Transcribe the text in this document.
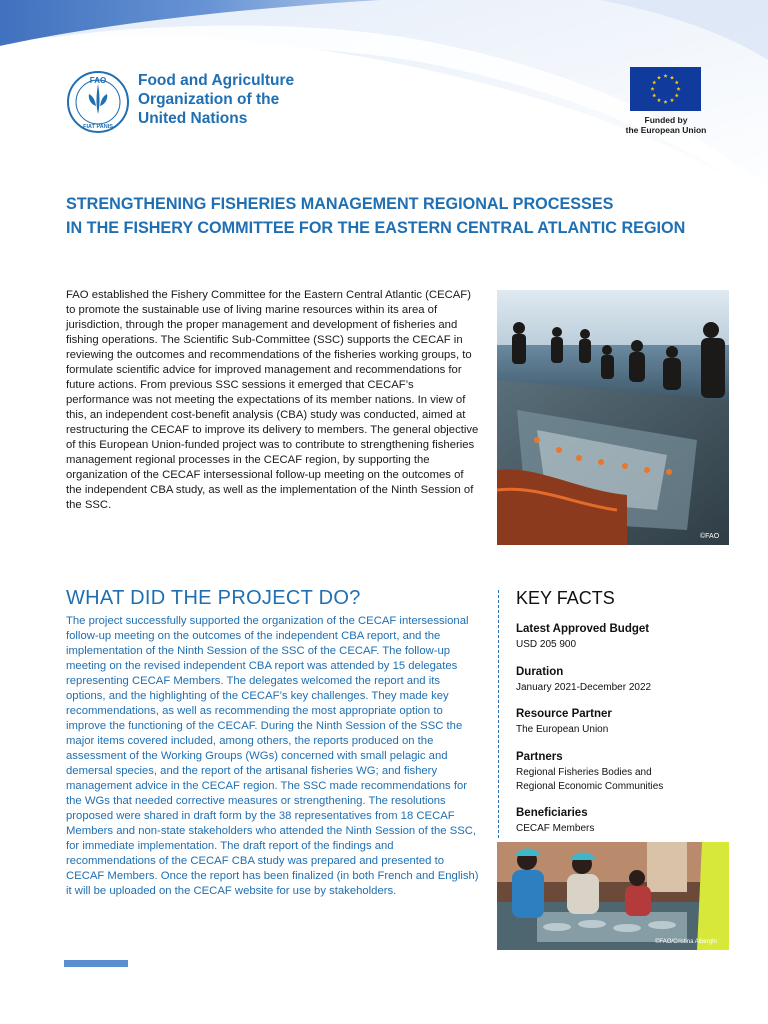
FAO
FIAT PANIS
Food and Agriculture
Organization of the
United Nations	Funded by
the European Union
STRENGTHENING FISHERIES MANAGEMENT REGIONAL PROCESSES
IN THE FISHERY COMMITTEE FOR THE EASTERN CENTRAL ATLANTIC REGION
FAO established the Fishery Committee for the Eastern Central Atlantic (CECAF) to promote the sustainable use of living marine resources within its area of jurisdiction, through the proper management and development of fisheries and fishing operations. The Scientific Sub-Committee (SSC) supports the CECAF in reviewing the outcomes and recommendations of the fisheries working groups, to formulate scientific advice for improved management and recommendations for future actions. From previous SSC sessions it emerged that CECAF’s performance was not meeting the expectations of its member nations. In view of this, an independent cost-benefit analysis (CBA) study was conducted, aimed at restructuring the CECAF to improve its delivery to members. The general objective of this European Union-funded project was to contribute to strengthening fisheries management regional processes in the CECAF region, by supporting the organization of the CECAF intersessional follow-up meeting on the outcomes of the independent CBA study, as well as the implementation of the Ninth Session of the SSC.
©FAO
WHAT DID THE PROJECT DO?
The project successfully supported the organization of the CECAF intersessional follow-up meeting on the outcomes of the independent CBA report, and the implementation of the Ninth Session of the SSC of the CECAF. The follow-up meeting on the revised independent CBA report was attended by 15 delegates representing CECAF Members. The delegates welcomed the report and its options, and the highlighting of the CECAF’s key challenges. They made key recommendations, as well as recommending the most appropriate option to improve the functioning of the CECAF. During the Ninth Session of the SSC the major items covered included, among others, the reports produced on the assessment of the Working Groups (WGs) concerned with small pelagic and demersal species, and the report of the artisanal fisheries WG; and fishery management advice in the CECAF region. The SSC made recommendations for the WGs that needed corrective measures or strengthening. The resolutions proposed were shared in draft form by the 38 representatives from 18 CECAF Members and non-state stakeholders who attended the Ninth Session of the SSC, for immediate implementation. The draft report of the findings and recommendations of the CECAF CBA study was prepared and presented to CECAF Members. Once the report has been finalized (in both French and English) it will be uploaded on the CECAF website for use by stakeholders.
KEY FACTS
Latest Approved Budget
USD 205 900
Duration
January 2021-December 2022
Resource Partner
The European Union
Partners
Regional Fisheries Bodies and
Regional Economic Communities
Beneficiaries
CECAF Members
©FAO/Cristina Alberghi
